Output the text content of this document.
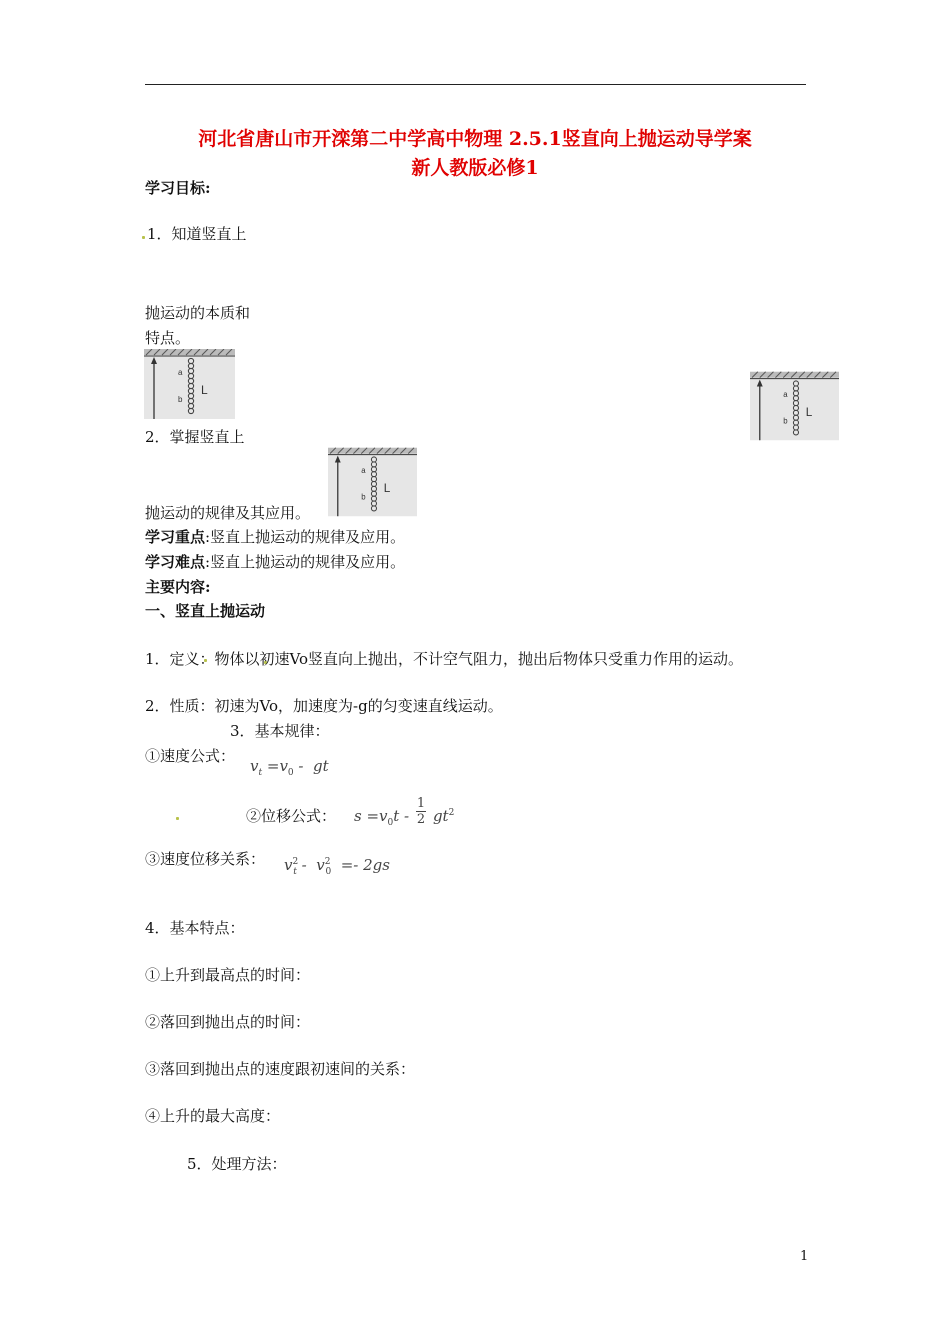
河北省唐山市开滦第二中学高中物理 2.5.1竖直向上抛运动导学案
新人教版必修1
学习目标:
1．知道竖直上
抛运动的本质和
特点。
a
b
L	a
b
L
2．掌握竖直上
a
b
L
抛运动的规律及其应用。
学习重点:竖直上抛运动的规律及应用。
学习难点:竖直上抛运动的规律及应用。
主要内容:
一、竖直上抛运动
1．定义：物体以初速Vo竖直向上抛出，不计空气阻力，抛出后物体只受重力作用的运动。
2．性质：初速为Vo，加速度为-g的匀变速直线运动。
3．基本规律：
①速度公式：
$v_t =v_0$ -  gt
②位移公式： $s =v_0t - \frac{1}{2} gt^2$
③速度位移关系： $v^2_t - v^2_0 =- 2gs$
4．基本特点：
①上升到最高点的时间：
②落回到抛出点的时间：
③落回到抛出点的速度跟初速间的关系：
④上升的最大高度：
5．处理方法：
1
